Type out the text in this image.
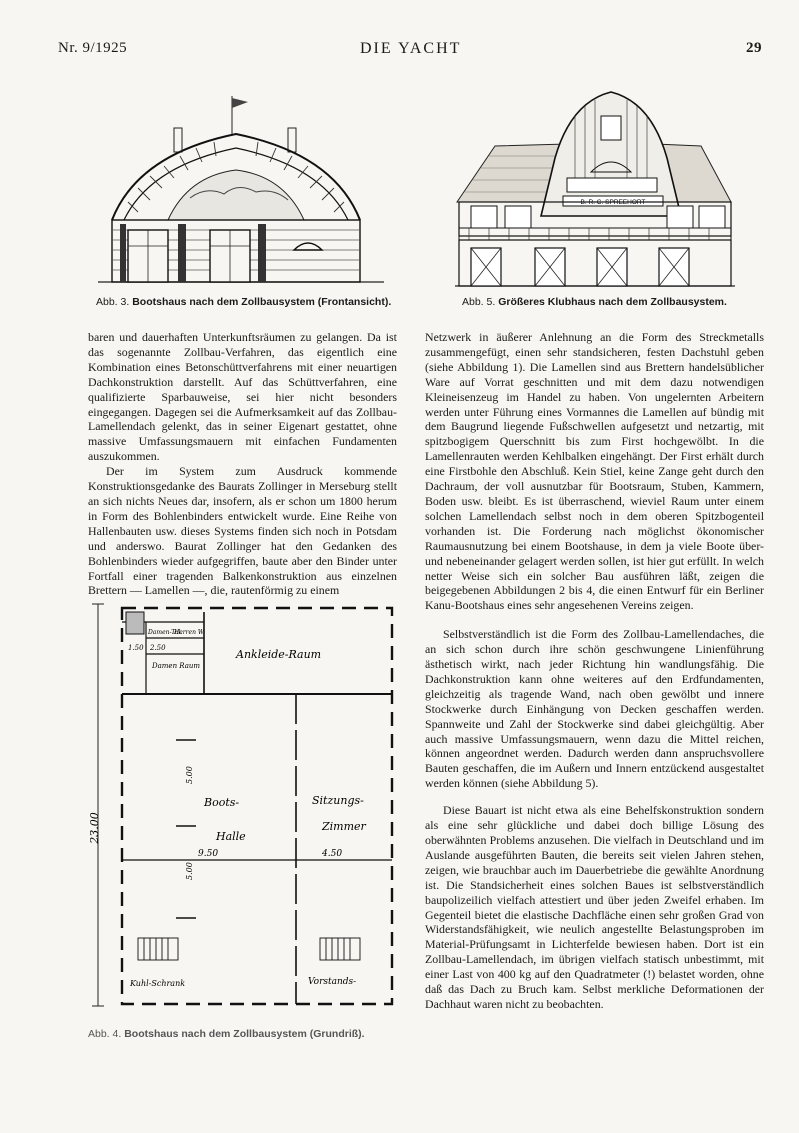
Nr. 9/1925	DIE YACHT	29
Abb. 3. Bootshaus nach dem Zollbausystem (Frontansicht).
B. R. C. SPREEHORT
Abb. 5. Größeres Klubhaus nach dem Zollbausystem.

baren und dauerhaften Unterkunftsräumen zu gelangen. Da ist das sogenannte Zollbau-Verfahren, das eigentlich eine Kombination eines Betonschüttverfahrens mit einer neuartigen Dachkonstruktion darstellt. Auf das Schüttverfahren, eine qualifizierte Sparbauweise, sei hier nicht besonders eingegangen. Dagegen sei die Aufmerksamkeit auf das Zollbau-Lamellendach gelenkt, das in seiner Eigenart gestattet, ohne massive Umfassungsmauern mit einfachen Fundamenten auszukommen.

Der im System zum Ausdruck kommende Konstruktionsgedanke des Baurats Zollinger in Merseburg stellt an sich nichts Neues dar, insofern, als er schon um 1800 herum in Form des Bohlenbinders entwickelt wurde. Eine Reihe von Hallenbauten usw. dieses Systems finden sich noch in Potsdam und anderswo. Baurat Zollinger hat den Gedanken des Bohlenbinders wieder aufgegriffen, baute aber den Binder unter Fortfall einer tragenden Balkenkonstruktion aus einzelnen Brettern — Lamellen —, die, rautenförmig zu einem

23.00
Herren W.
Damen-Tol.
2.50
1.50
Damen Raum
Ankleide-Raum
9.50	4.50
5.00
5.00
Boots-
Halle
Sitzungs-
Zimmer
Kuhl-Schrank	Vorstands-
Abb. 4. Bootshaus nach dem Zollbausystem (Grundriß).

Netzwerk in äußerer Anlehnung an die Form des Streckmetalls zusammengefügt, einen sehr standsicheren, festen Dachstuhl geben (siehe Abbildung 1). Die Lamellen sind aus Brettern handelsüblicher Ware auf Vorrat geschnitten und mit dem dazu notwendigen Kleineisenzeug im Handel zu haben. Von ungelernten Arbeitern werden unter Führung eines Vormannes die Lamellen auf bündig mit dem Baugrund liegende Fußschwellen aufgesetzt und netzartig, mit spitzbogigem Querschnitt bis zum First hochgewölbt. In die Lamellenrauten werden Kehlbalken eingehängt. Der First erhält durch eine Firstbohle den Abschluß. Kein Stiel, keine Zange geht durch den Dachraum, der voll ausnutzbar für Bootsraum, Stuben, Kammern, Boden usw. bleibt. Es ist überraschend, wieviel Raum unter einem solchen Lamellendach selbst noch in dem oberen Spitzbogenteil vorhanden ist. Die Forderung nach möglichst ökonomischer Raumausnutzung bei einem Bootshause, in dem ja viele Boote über- und nebeneinander gelagert werden sollen, ist hier gut erfüllt. In welch netter Weise sich ein solcher Bau ausführen läßt, zeigen die beigegebenen Abbildungen 2 bis 4, die einen Entwurf für ein Berliner Kanu-Bootshaus eines sehr angesehenen Vereins zeigen.

Selbstverständlich ist die Form des Zollbau-Lamellendaches, die an sich schon durch ihre schön geschwungene Linienführung ästhetisch wirkt, nach jeder Richtung hin wandlungsfähig. Die Dachkonstruktion kann ohne weiteres auf den Erdfundamenten, gleichzeitig als tragende Wand, nach oben gewölbt und innere Stockwerke durch Einhängung von Decken geschaffen werden. Spannweite und Zahl der Stockwerke sind dabei gleichgültig. Aber auch massive Umfassungsmauern, wenn dazu die Mittel reichen, können angeordnet werden. Dadurch werden dann anspruchsvollere Bauten geschaffen, die im Außern und Innern entzückend ausgestaltet werden können (siehe Abbildung 5).

Diese Bauart ist nicht etwa als eine Behelfskonstruktion sondern als eine sehr glückliche und dabei doch billige Lösung des oberwähnten Problems anzusehen. Die vielfach in Deutschland und im Auslande ausgeführten Bauten, die bereits seit vielen Jahren stehen, zeigen, wie brauchbar auch im Dauerbetriebe die gewählte Anordnung ist. Die Standsicherheit eines solchen Baues ist selbstverständlich baupolizeilich vielfach attestiert und über jeden Zweifel erhaben. Im Gegenteil bietet die elastische Dachfläche einen sehr großen Grad von Widerstandsfähigkeit, wie neulich angestellte Belastungsproben im Material-Prüfungsamt in Lichterfelde bewiesen haben. Dort ist ein Zollbau-Lamellendach, im übrigen vielfach statisch unbestimmt, mit einer Last von 400 kg auf den Quadratmeter (!) belastet worden, ohne daß das Dach zu Bruch kam. Selbst merkliche Deformationen der Dachhaut waren nicht zu beobachten.
